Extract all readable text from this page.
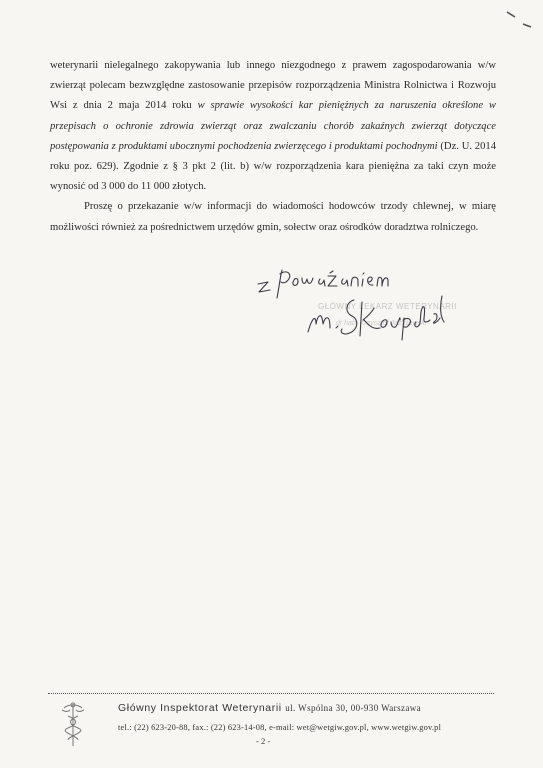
weterynarii nielegalnego zakopywania lub innego niezgodnego z prawem zagospodarowania w/w zwierząt polecam bezwzględne zastosowanie przepisów rozporządzenia Ministra Rolnictwa i Rozwoju Wsi z dnia 2 maja 2014 roku w sprawie wysokości kar pieniężnych za naruszenia określone w przepisach o ochronie zdrowia zwierząt oraz zwalczaniu chorób zakaźnych zwierząt dotyczące postępowania z produktami ubocznymi pochodzenia zwierzęcego i produktami pochodnymi (Dz. U. 2014 roku poz. 629). Zgodnie z § 3 pkt 2 (lit. b) w/w rozporządzenia kara pieniężna za taki czyn może wynosić od 3 000 do 11 000 złotych.

Proszę o przekazanie w/w informacji do wiadomości hodowców trzody chlewnej, w miarę możliwości również za pośrednictwem urzędów gmin, sołectw oraz ośrodków doradztwa rolniczego.

GŁÓWNY LEKARZ WETERYNARII
dr hab. Krzysztof Jażdżewski
Główny Inspektorat Weterynarii ul. Wspólna 30, 00-930 Warszawa
tel.: (22) 623-20-88, fax.: (22) 623-14-08, e-mail: wet@wetgiw.gov.pl, www.wetgiw.gov.pl
- 2 -
